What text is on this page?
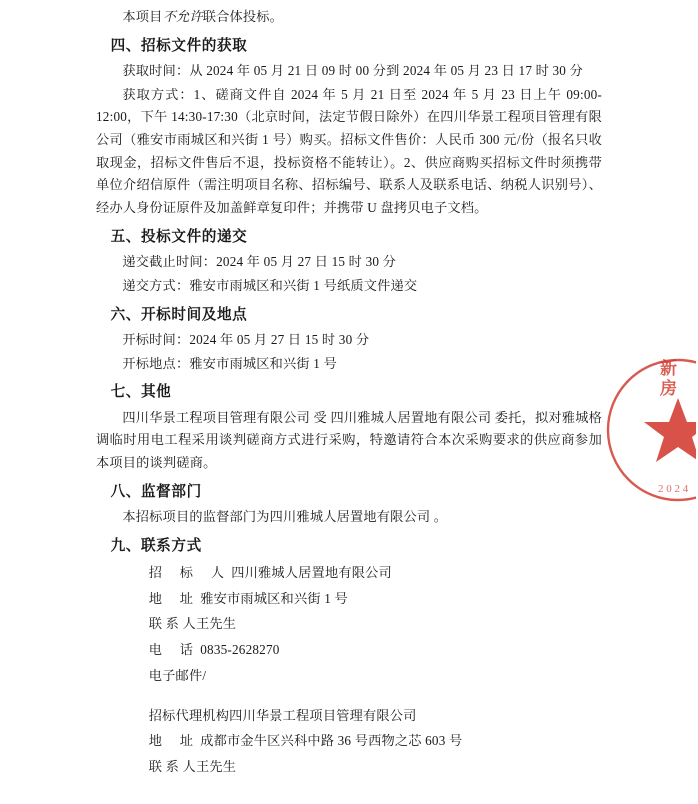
新
房
2 0 2 4

本项目不允许联合体投标。

四、招标文件的获取

获取时间：从 2024 年 05 月 21 日 09 时 00 分到 2024 年 05 月 23 日 17 时 30 分

获取方式：1、磋商文件自 2024 年 5 月 21 日至 2024 年 5 月 23 日上午 09:00-12:00，下午 14:30-17:30（北京时间，法定节假日除外）在四川华景工程项目管理有限公司（雅安市雨城区和兴街 1 号）购买。招标文件售价：人民币 300 元/份（报名只收取现金，招标文件售后不退，投标资格不能转让）。2、供应商购买招标文件时须携带 单位介绍信原件（需注明项目名称、招标编号、联系人及联系电话、纳税人识别号）、经办人身份证原件及加盖鲜章复印件；并携带 U 盘拷贝电子文档。

五、投标文件的递交

递交截止时间：2024 年 05 月 27 日 15 时 30 分

递交方式：雅安市雨城区和兴街 1 号纸质文件递交

六、开标时间及地点

开标时间：2024 年 05 月 27 日 15 时 30 分

开标地点：雅安市雨城区和兴街 1 号

七、其他

四川华景工程项目管理有限公司 受 四川雅城人居置地有限公司 委托，拟对雅城格调临时用电工程采用谈判磋商方式进行采购，特邀请符合本次采购要求的供应商参加本项目的谈判磋商。

八、监督部门

本招标项目的监督部门为四川雅城人居置地有限公司 。

九、联系方式

招 标 人四川雅城人居置地有限公司

地 址雅安市雨城区和兴街 1 号

联 系 人王先生

电 话0835-2628270

电子邮件/

招标代理机构四川华景工程项目管理有限公司

地 址成都市金牛区兴科中路 36 号西物之芯 603 号

联 系 人王先生
